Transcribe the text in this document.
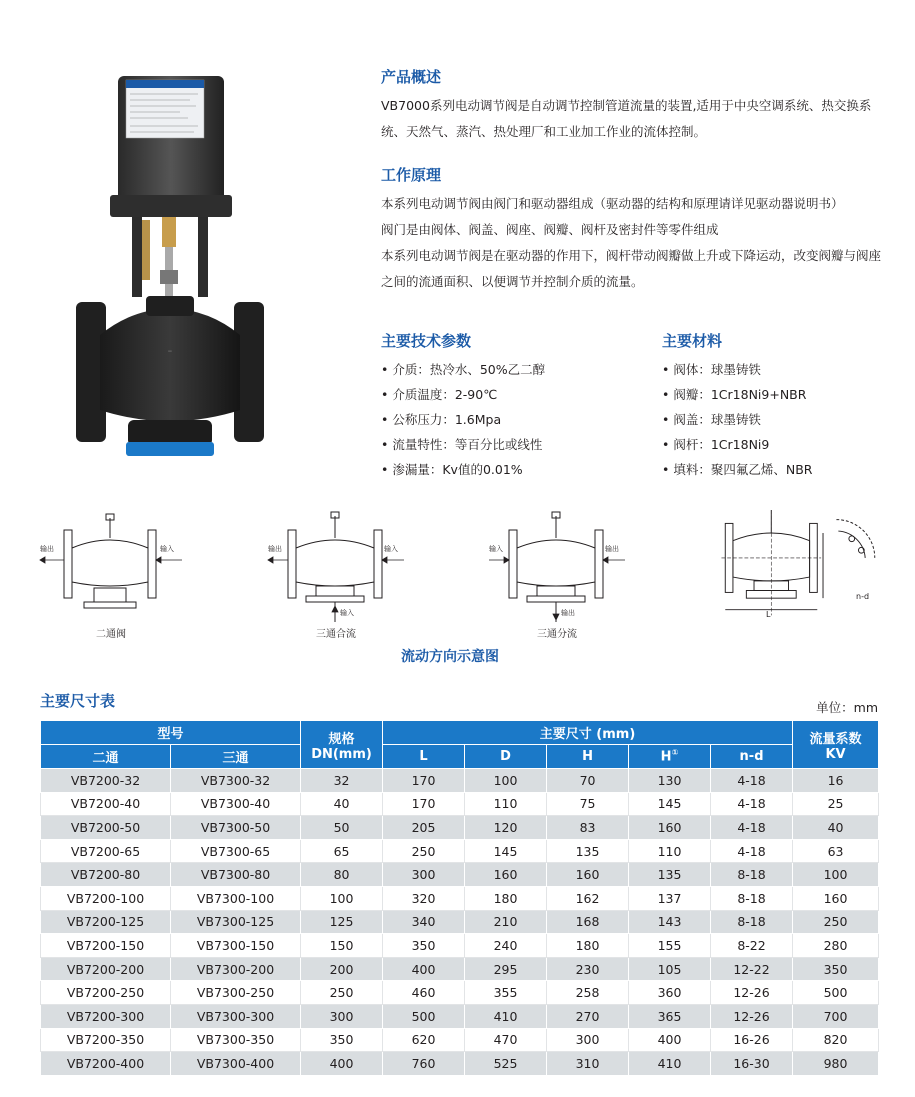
-
产品概述
VB7000系列电动调节阀是自动调节控制管道流量的装置,适用于中央空调系统、热交换系统、天然气、蒸汽、热处理厂和工业加工作业的流体控制。
工作原理
本系列电动调节阀由阀门和驱动器组成（驱动器的结构和原理请详见驱动器说明书）
阀门是由阀体、阀盖、阀座、阀瓣、阀杆及密封件等零件组成
本系列电动调节阀是在驱动器的作用下，阀杆带动阀瓣做上升或下降运动，改变阀瓣与阀座之间的流通面积、以便调节并控制介质的流量。
主要技术参数
• 介质：热冷水、50%乙二醇
• 介质温度：2-90℃
• 公称压力：1.6Mpa
• 流量特性：等百分比或线性
• 渗漏量：Kv值的0.01%
主要材料
• 阀体：球墨铸铁
• 阀瓣：1Cr18Ni9+NBR
• 阀盖：球墨铸铁
• 阀杆：1Cr18Ni9
• 填料：聚四氟乙烯、NBR
输出	输入
二通阀
输出	输入
输入
三通合流
输入	输出
输出
三通分流
L
n-d
流动方向示意图
主要尺寸表	单位：mm
型号		规格
DN(mm)	主要尺寸 (mm)					流量系数
KV
二通	三通		L	D	H	H①	n-d	
VB7200-32	VB7300-32	32	170	100	70	130	4-18	16
VB7200-40	VB7300-40	40	170	110	75	145	4-18	25
VB7200-50	VB7300-50	50	205	120	83	160	4-18	40
VB7200-65	VB7300-65	65	250	145	135	110	4-18	63
VB7200-80	VB7300-80	80	300	160	160	135	8-18	100
VB7200-100	VB7300-100	100	320	180	162	137	8-18	160
VB7200-125	VB7300-125	125	340	210	168	143	8-18	250
VB7200-150	VB7300-150	150	350	240	180	155	8-22	280
VB7200-200	VB7300-200	200	400	295	230	105	12-22	350
VB7200-250	VB7300-250	250	460	355	258	360	12-26	500
VB7200-300	VB7300-300	300	500	410	270	365	12-26	700
VB7200-350	VB7300-350	350	620	470	300	400	16-26	820
VB7200-400	VB7300-400	400	760	525	310	410	16-30	980
